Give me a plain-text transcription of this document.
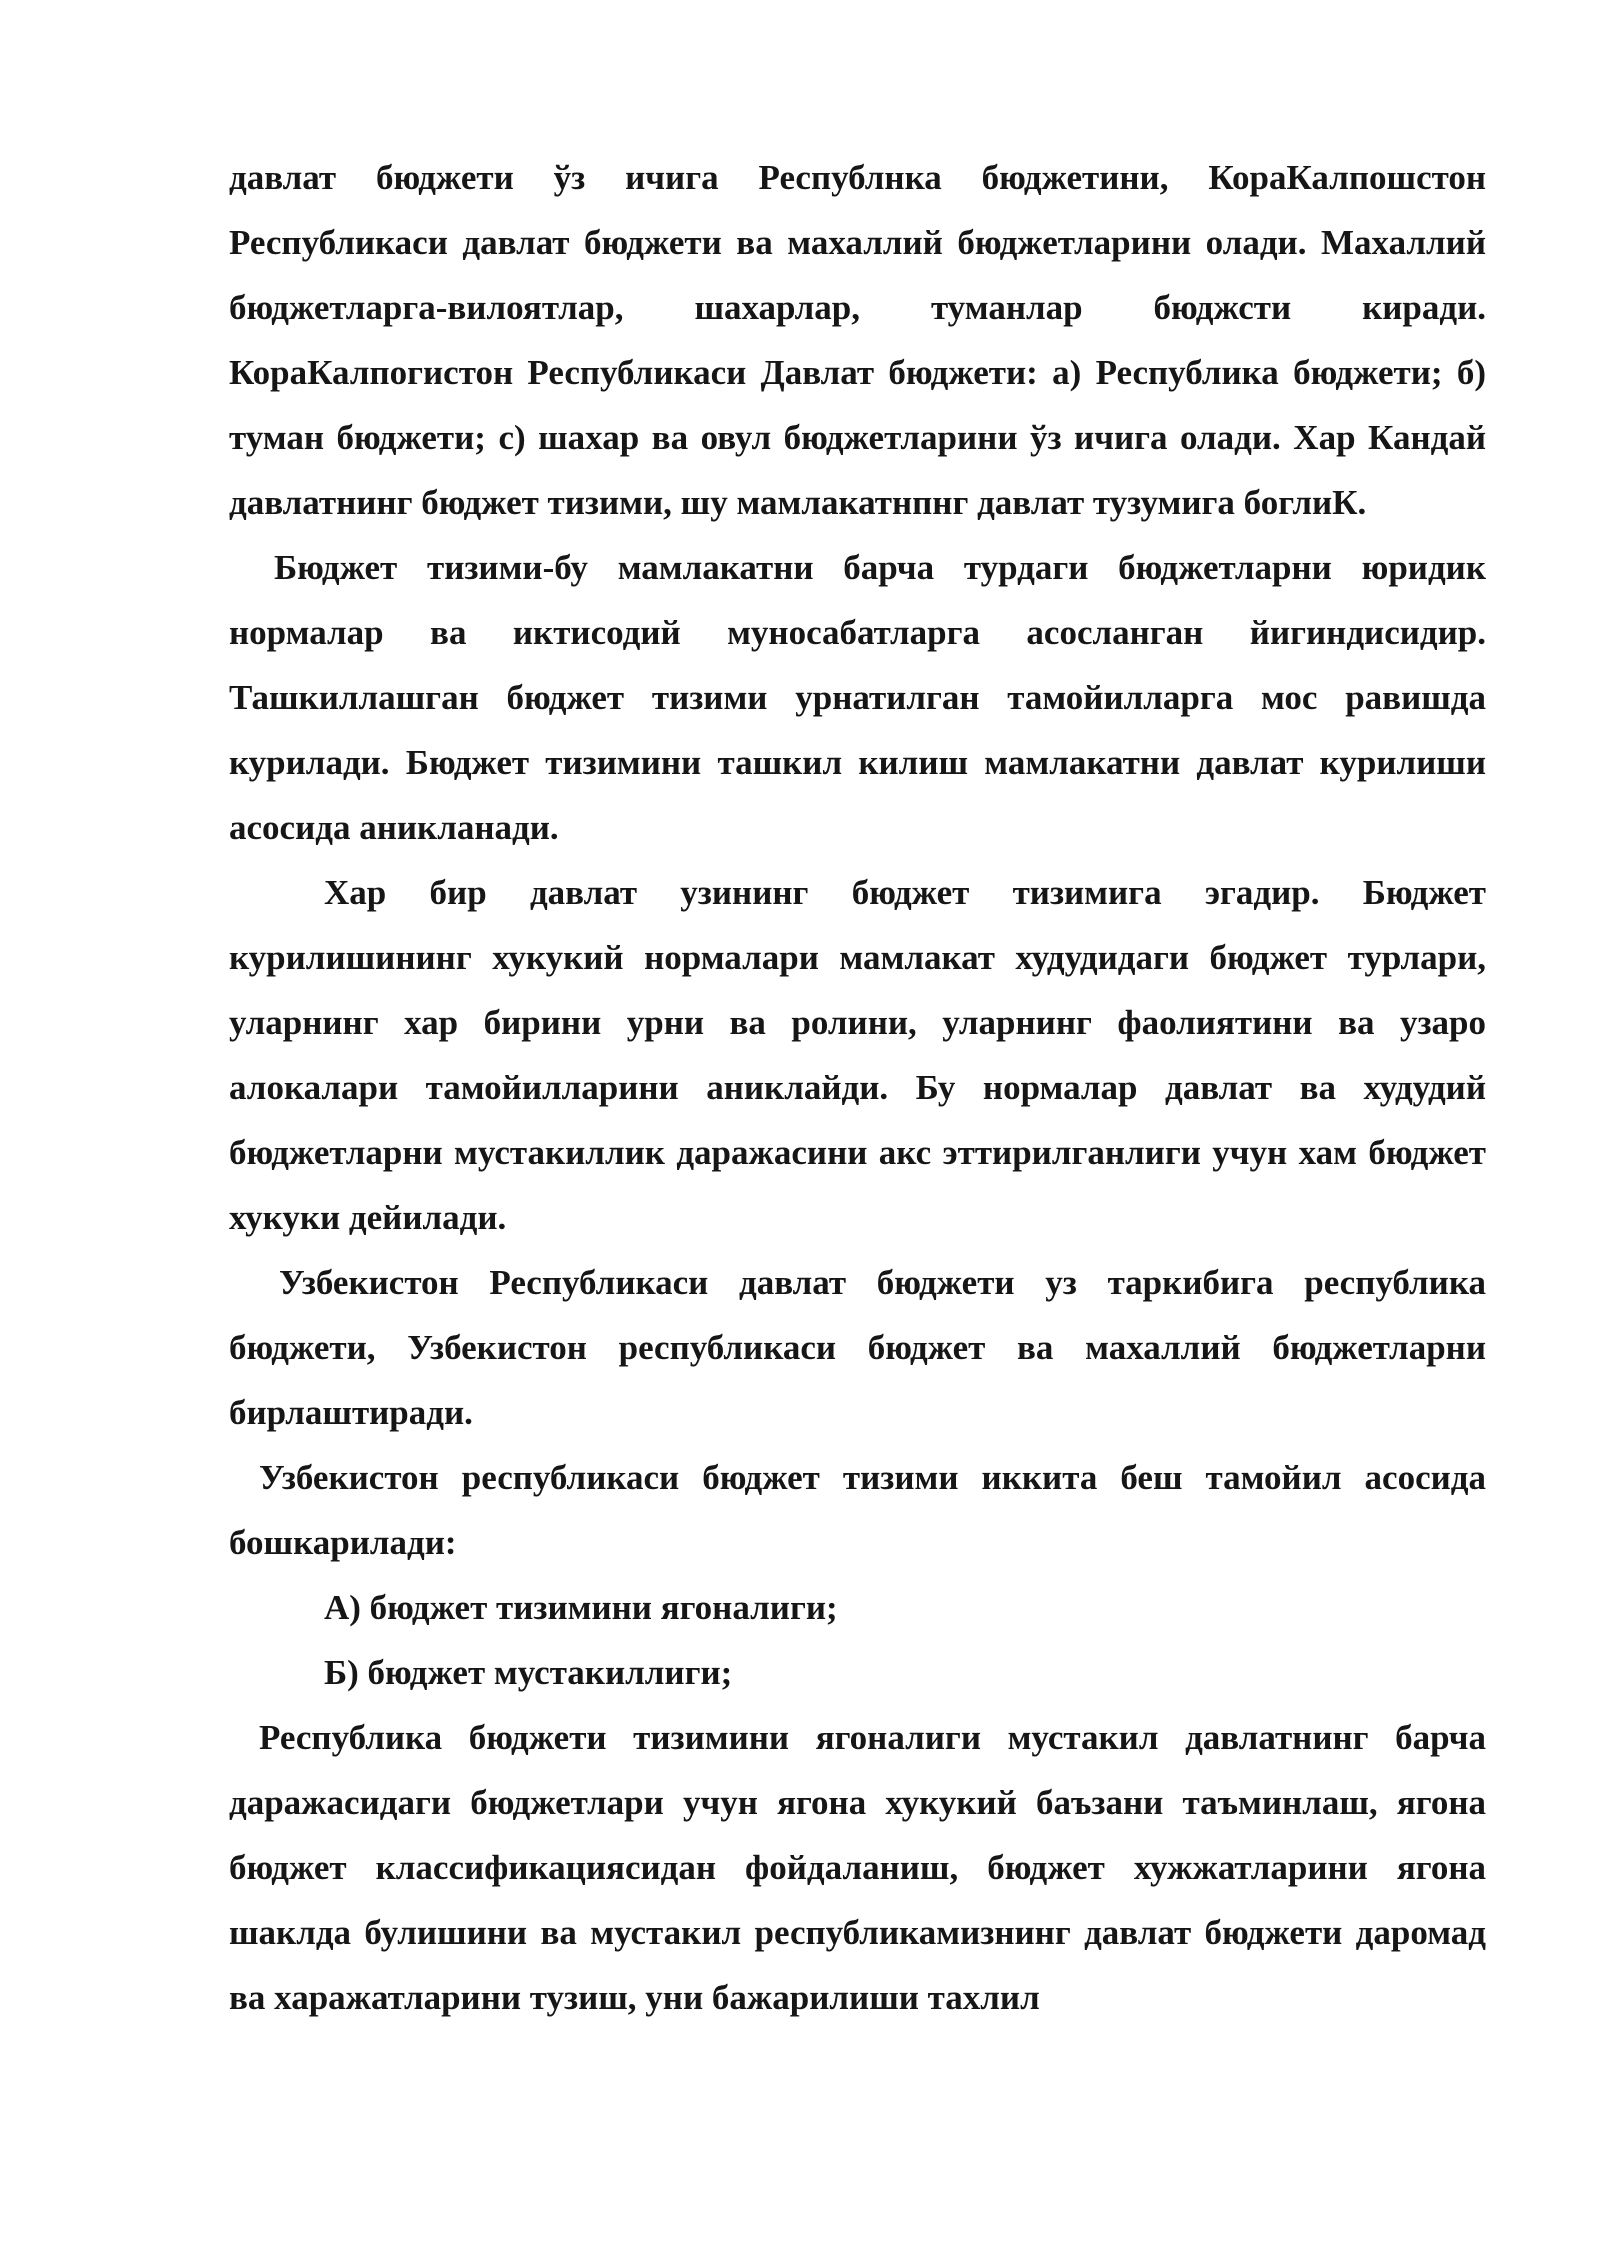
давлат бюджети ўз ичига Республнка бюджетини, КораКалпошстон Республикаси давлат бюджети ва махаллий бюджетларини олади. Махаллий бюджетларга-вилоятлар, шахарлар, туманлар бюджсти киради. КораКалпогистон Республикаси Давлат бюджети: а) Республика бюджети; б) туман бюджети; с) шахар ва овул бюджетларини ўз ичига олади. Хар Кандай давлатнинг бюджет тизими, шу мамлакатнпнг давлат тузумига боглиК.

Бюджет тизими-бу мамлакатни барча турдаги бюджетларни юридик нормалар ва иктисодий муносабатларга асосланган йигиндисидир. Ташкиллашган бюджет тизими урнатилган тамойилларга мос равишда курилади. Бюджет тизимини ташкил килиш мамлакатни давлат курилиши асосида аникланади.

Хар бир давлат узининг бюджет тизимига эгадир. Бюджет курилишининг хукукий нормалари мамлакат худудидаги бюджет турлари, уларнинг хар бирини урни ва ролини, уларнинг фаолиятини ва узаро алокалари тамойилларини аниклайди. Бу нормалар давлат ва худудий бюджетларни мустакиллик даражасини акс эттирилганлиги учун хам бюджет хукуки дейилади.

Узбекистон Республикаси давлат бюджети уз таркибига республика бюджети, Узбекистон республикаси бюджет ва махаллий бюджетларни бирлаштиради.

Узбекистон республикаси бюджет тизими иккита беш тамойил асосида бошкарилади:

А) бюджет тизимини ягоналиги;

Б) бюджет мустакиллиги;

Республика бюджети тизимини ягоналиги мустакил давлатнинг барча даражасидаги бюджетлари учун ягона хукукий баъзани таъминлаш, ягона бюджет классификациясидан фойдаланиш, бюджет хужжатларини ягона шаклда булишини ва мустакил республикамизнинг давлат бюджети даромад ва харажатларини тузиш, уни бажарилиши тахлил
